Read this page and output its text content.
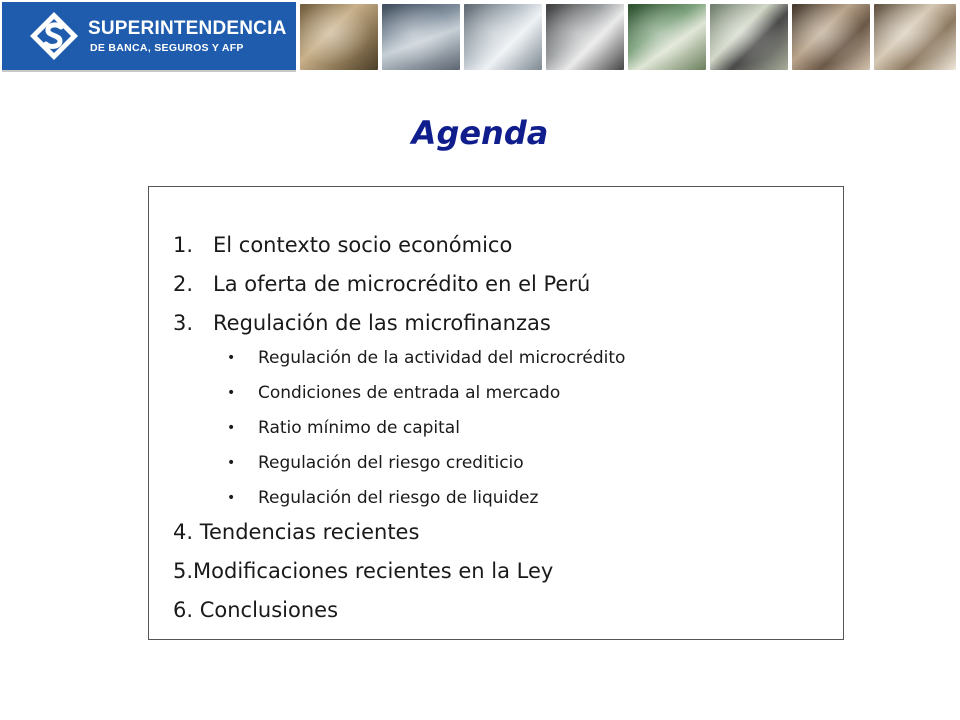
SUPERINTENDENCIA
DE BANCA, SEGUROS Y AFP
Agenda
1. El contexto socio económico
2. La oferta de microcrédito en el Perú
3. Regulación de las microfinanzas
• Regulación de la actividad del microcrédito
• Condiciones de entrada al mercado
• Ratio mínimo de capital
• Regulación del riesgo crediticio
• Regulación del riesgo de liquidez
4. Tendencias recientes
5.Modificaciones recientes en la Ley
6. Conclusiones
